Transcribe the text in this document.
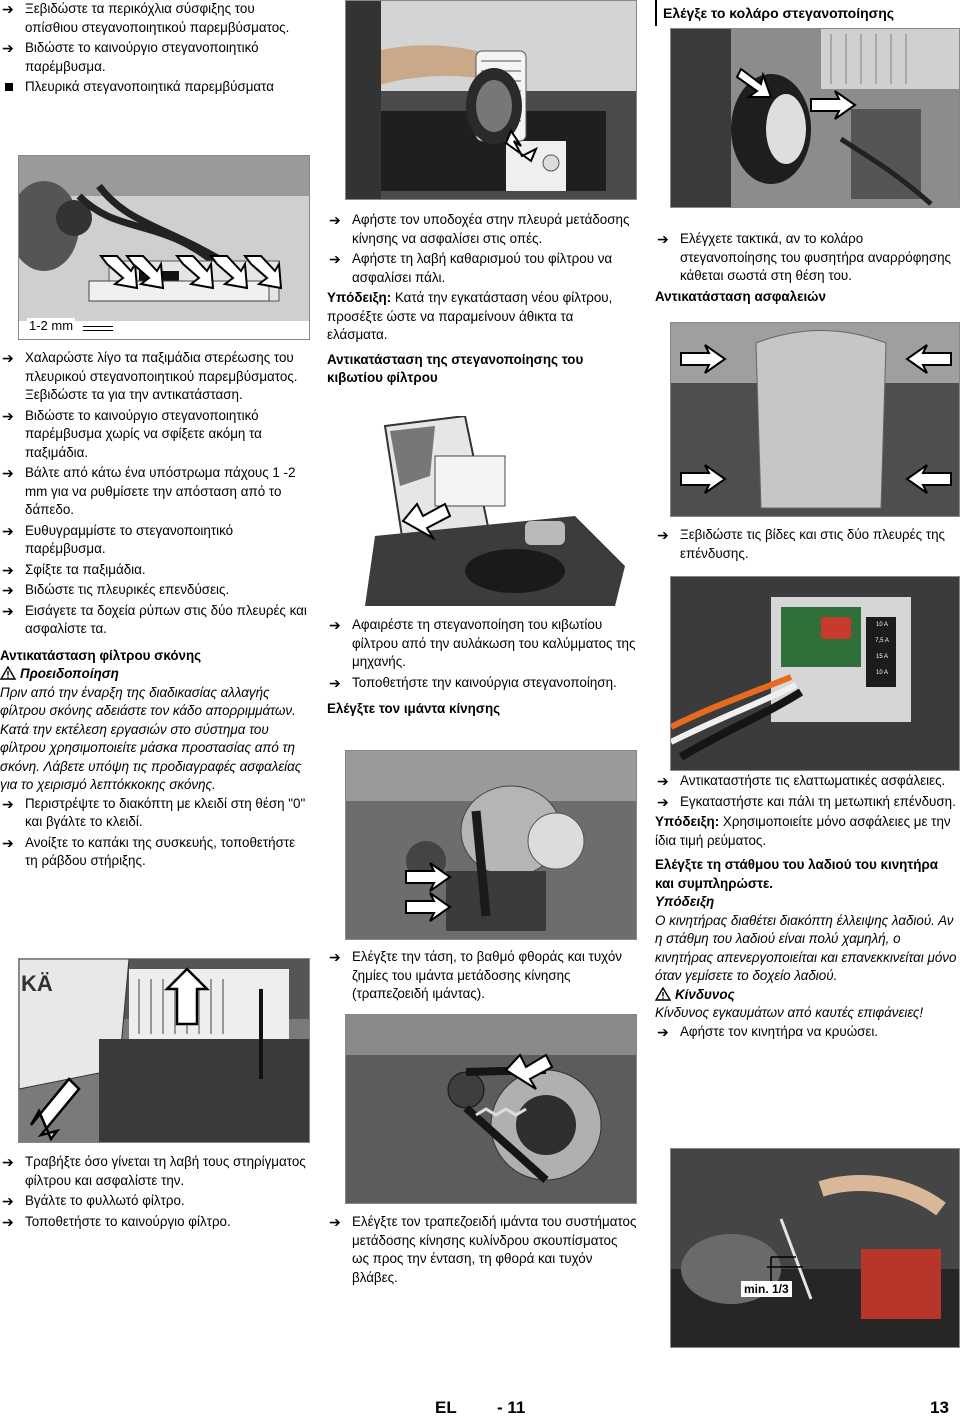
➔ Ξεβιδώστε τα περικόχλια σύσφιξης του οπίσθιου στεγανοποιητικού παρεμβύσματος.
➔ Βιδώστε το καινούργιο στεγανοποιητικό παρέμβυσμα.
Πλευρικά στεγανοποιητικά παρεμβύσματα
1-2 mm
➔ Χαλαρώστε λίγο τα παξιμάδια στερέωσης του πλευρικού στεγανοποιητικού παρεμβύσματος. Ξεβιδώστε τα για την αντικατάσταση.
➔ Βιδώστε το καινούργιο στεγανοποιητικό παρέμβυσμα χωρίς να σφίξετε ακόμη τα παξιμάδια.
➔ Βάλτε από κάτω ένα υπόστρωμα πάχους 1 -2 mm για να ρυθμίσετε την απόσταση από το δάπεδο.
➔ Ευθυγραμμίστε το στεγανοποιητικό παρέμβυσμα.
➔ Σφίξτε τα παξιμάδια.
➔ Βιδώστε τις πλευρικές επενδύσεις.
➔ Εισάγετε τα δοχεία ρύπων στις δύο πλευρές και ασφαλίστε τα.
Αντικατάσταση φίλτρου σκόνης
Προειδοποίηση
Πριν από την έναρξη της διαδικασίας αλλαγής φίλτρου σκόνης αδειάστε τον κάδο απορριμμάτων. Κατά την εκτέλεση εργασιών στο σύστημα του φίλτρου χρησιμοποιείτε μάσκα προστασίας από τη σκόνη. Λάβετε υπόψη τις προδιαγραφές ασφαλείας για το χειρισμό λεπτόκκοκης σκόνης.
➔ Περιστρέψτε το διακόπτη με κλειδί στη θέση "0" και βγάλτε το κλειδί.
➔ Ανοίξτε το καπάκι της συσκευής, τοποθετήστε τη ράβδου στήριξης.
KÄ
➔ Τραβήξτε όσο γίνεται τη λαβή τους στηρίγματος φίλτρου και ασφαλίστε την.
➔ Βγάλτε το φυλλωτό φίλτρο.
➔ Τοποθετήστε το καινούργιο φίλτρο.
➔ Αφήστε τον υποδοχέα στην πλευρά μετάδοσης κίνησης να ασφαλίσει στις οπές.
➔ Αφήστε τη λαβή καθαρισμού του φίλτρου να ασφαλίσει πάλι.
Υπόδειξη: Κατά την εγκατάσταση νέου φίλτρου, προσέξτε ώστε να παραμείνουν άθικτα τα ελάσματα.
Αντικατάσταση της στεγανοποίησης του κιβωτίου φίλτρου
➔ Αφαιρέστε τη στεγανοποίηση του κιβωτίου φίλτρου από την αυλάκωση του καλύμματος της μηχανής.
➔ Τοποθετήστε την καινούργια στεγανοποίηση.
Ελέγξτε τον ιμάντα κίνησης
➔ Ελέγξτε την τάση, το βαθμό φθοράς και τυχόν ζημίες του ιμάντα μετάδοσης κίνησης (τραπεζοειδή ιμάντας).
➔ Ελέγξτε τον τραπεζοειδή ιμάντα του συστήματος μετάδοσης κίνησης κυλίνδρου σκουπίσματος ως προς την ένταση, τη φθορά και τυχόν βλάβες.
Ελέγξε το κολάρο στεγανοποίησης
➔ Ελέγχετε τακτικά, αν το κολάρο στεγανοποίησης του φυσητήρα αναρρόφησης κάθεται σωστά στη θέση του.
Αντικατάσταση ασφαλειών
➔ Ξεβιδώστε τις βίδες και στις δύο πλευρές της επένδυσης.
10 A
7,5 A
15 A
10 A
➔ Αντικαταστήστε τις ελαττωματικές ασφάλειες.
➔ Εγκαταστήστε και πάλι τη μετωπική επένδυση.
Υπόδειξη: Χρησιμοποιείτε μόνο ασφάλειες με την ίδια τιμή ρεύματος.
Ελέγξτε τη στάθμου του λαδιού του κινητήρα και συμπληρώστε.
Υπόδειξη
Ο κινητήρας διαθέτει διακόπτη έλλειψης λαδιού. Αν η στάθμη του λαδιού είναι πολύ χαμηλή, ο κινητήρας απενεργοποιείται και επανεκκινείται μόνο όταν γεμίσετε το δοχείο λαδιού.
Κίνδυνος
Κίνδυνος εγκαυμάτων από καυτές επιφάνειες!
➔ Αφήστε τον κινητήρα να κρυώσει.
min. 1/3
EL - 11	13
